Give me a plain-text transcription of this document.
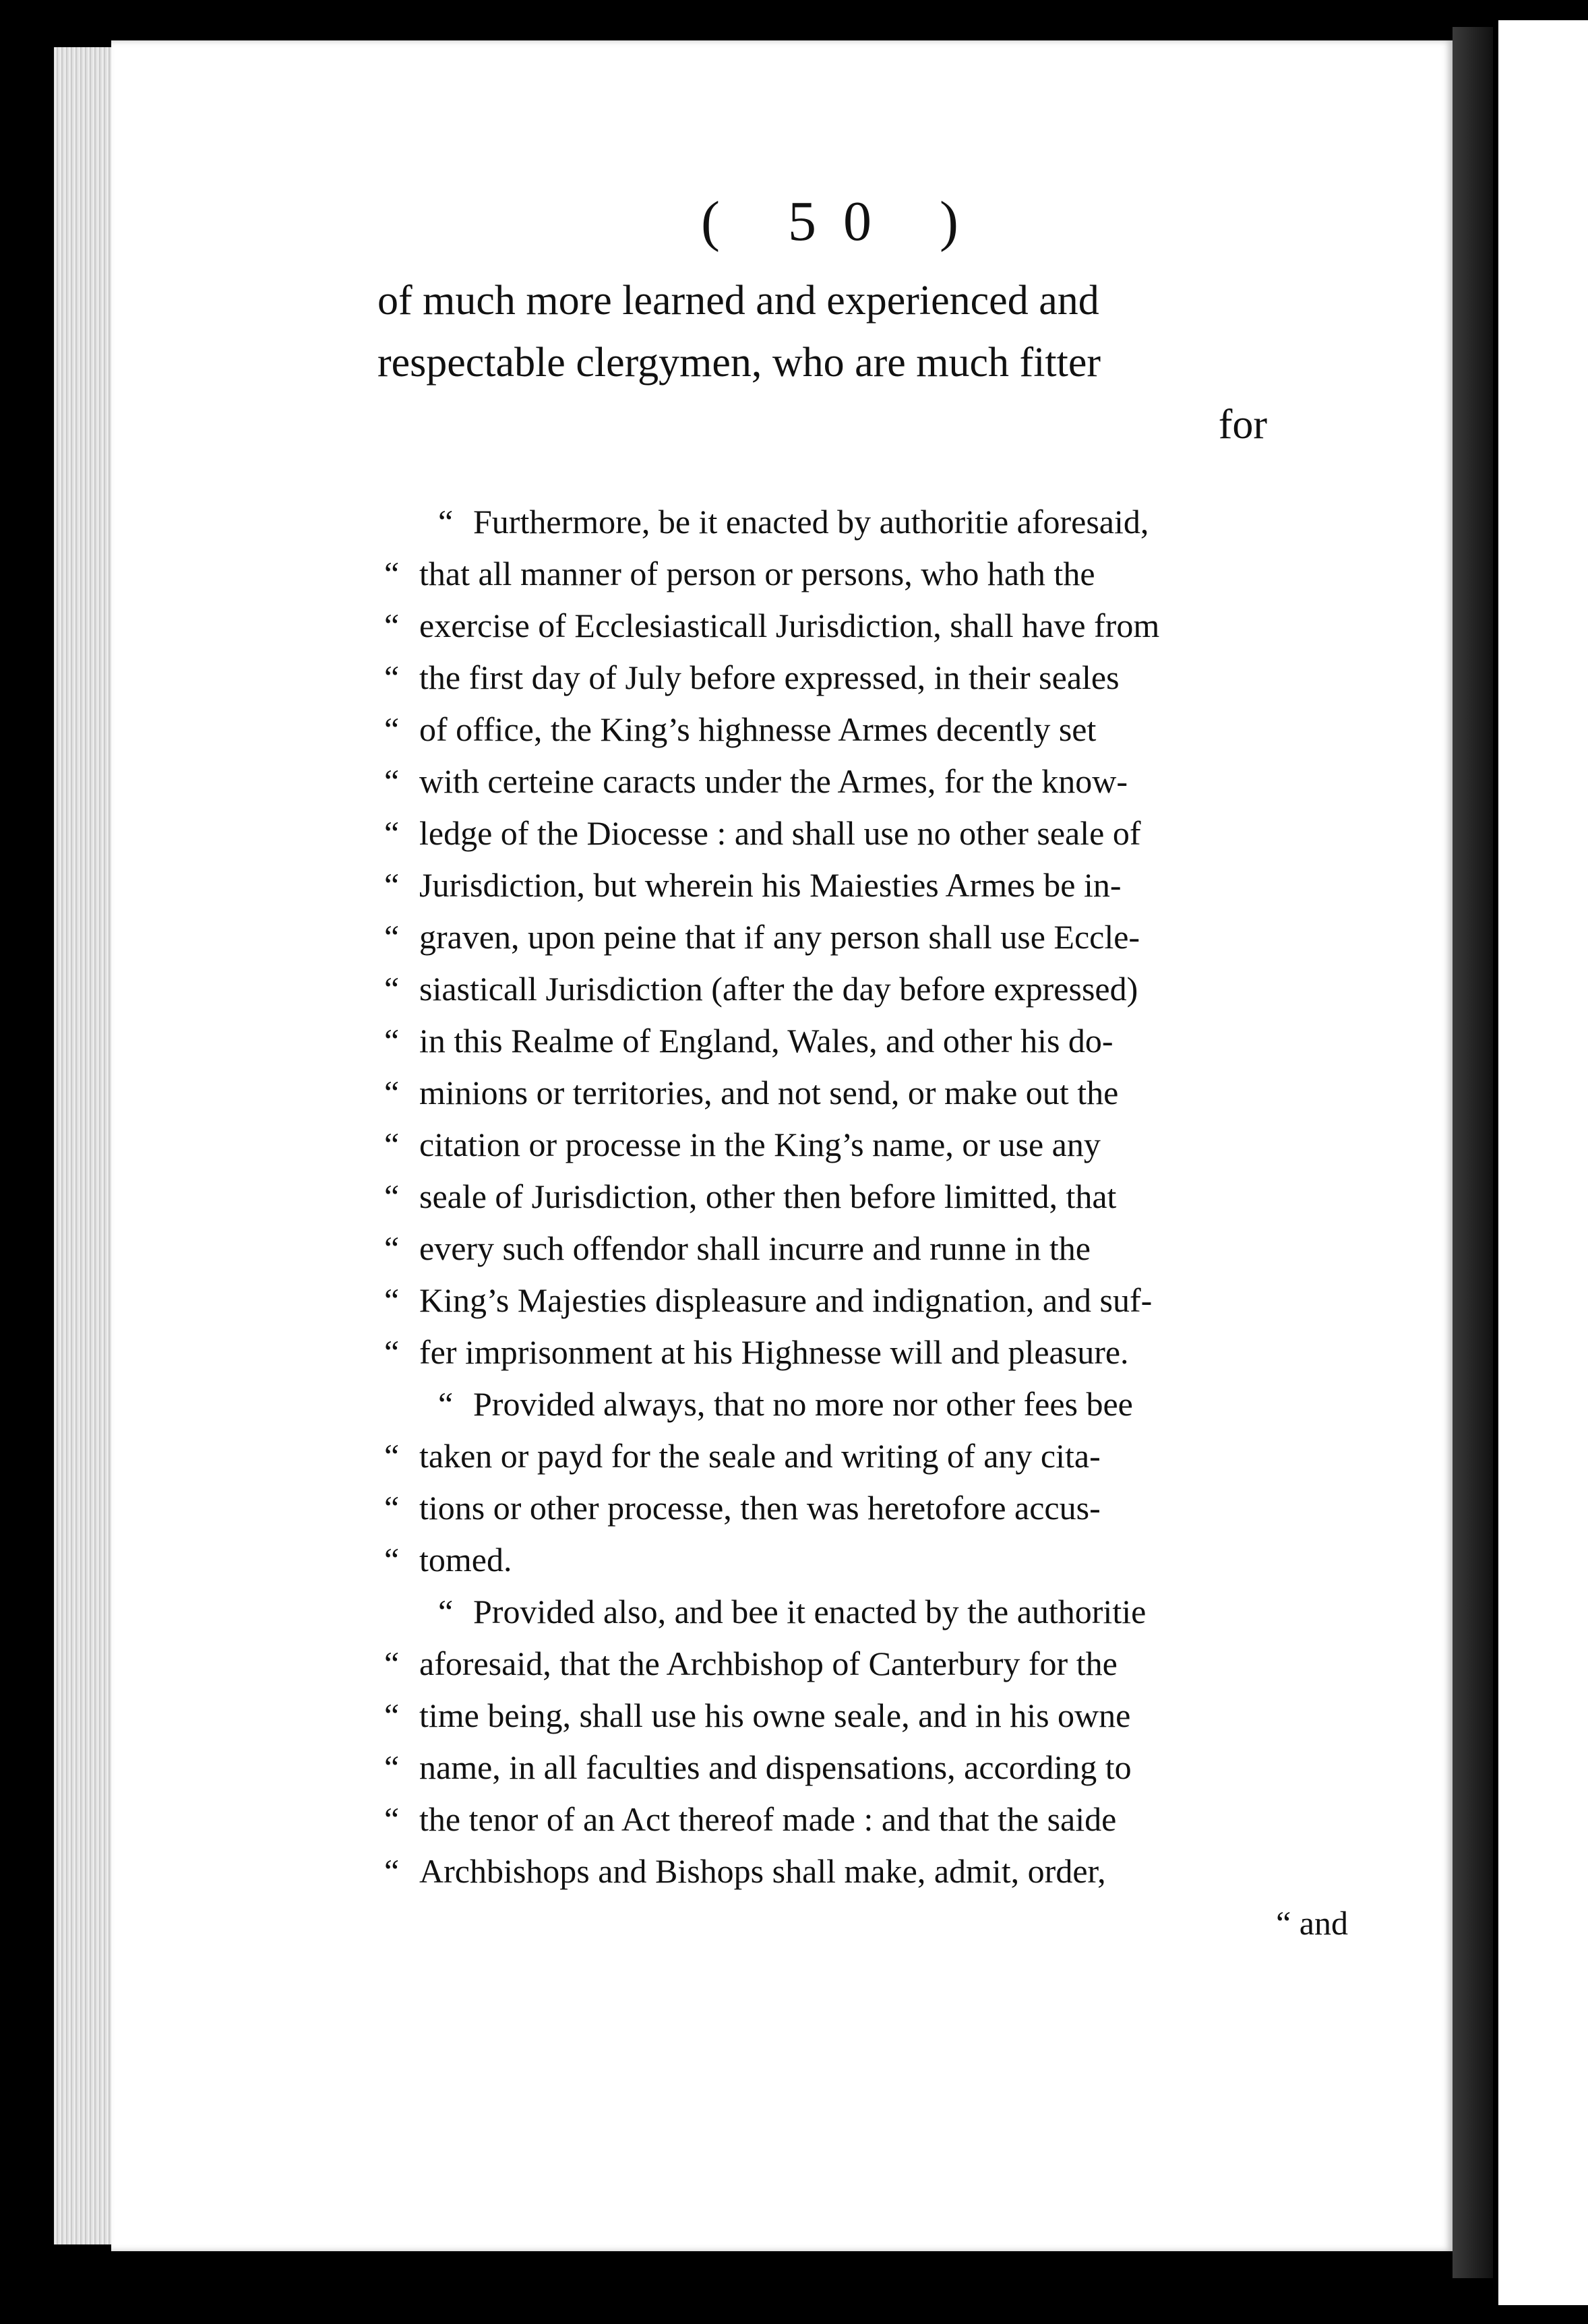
( 50 )
of much more learned and experienced and
respectable clergymen, who are much fitter
for
“ Furthermore, be it enacted by authoritie aforesaid,
“ that all manner of person or persons, who hath the
“ exercise of Ecclesiasticall Jurisdiction, shall have from
“ the first day of July before expressed, in their seales
“ of office, the King’s highnesse Armes decently set
“ with certeine caracts under the Armes, for the know-
“ ledge of the Diocesse : and shall use no other seale of
“ Jurisdiction, but wherein his Maiesties Armes be in-
“ graven, upon peine that if any person shall use Eccle-
“ siasticall Jurisdiction (after the day before expressed)
“ in this Realme of England, Wales, and other his do-
“ minions or territories, and not send, or make out the
“ citation or processe in the King’s name, or use any
“ seale of Jurisdiction, other then before limitted, that
“ every such offendor shall incurre and runne in the
“ King’s Majesties displeasure and indignation, and suf-
“ fer imprisonment at his Highnesse will and pleasure.
“ Provided always, that no more nor other fees bee
“ taken or payd for the seale and writing of any cita-
“ tions or other processe, then was heretofore accus-
“ tomed.
“ Provided also, and bee it enacted by the authoritie
“ aforesaid, that the Archbishop of Canterbury for the
“ time being, shall use his owne seale, and in his owne
“ name, in all faculties and dispensations, according to
“ the tenor of an Act thereof made : and that the saide
“ Archbishops and Bishops shall make, admit, order,
“ and
